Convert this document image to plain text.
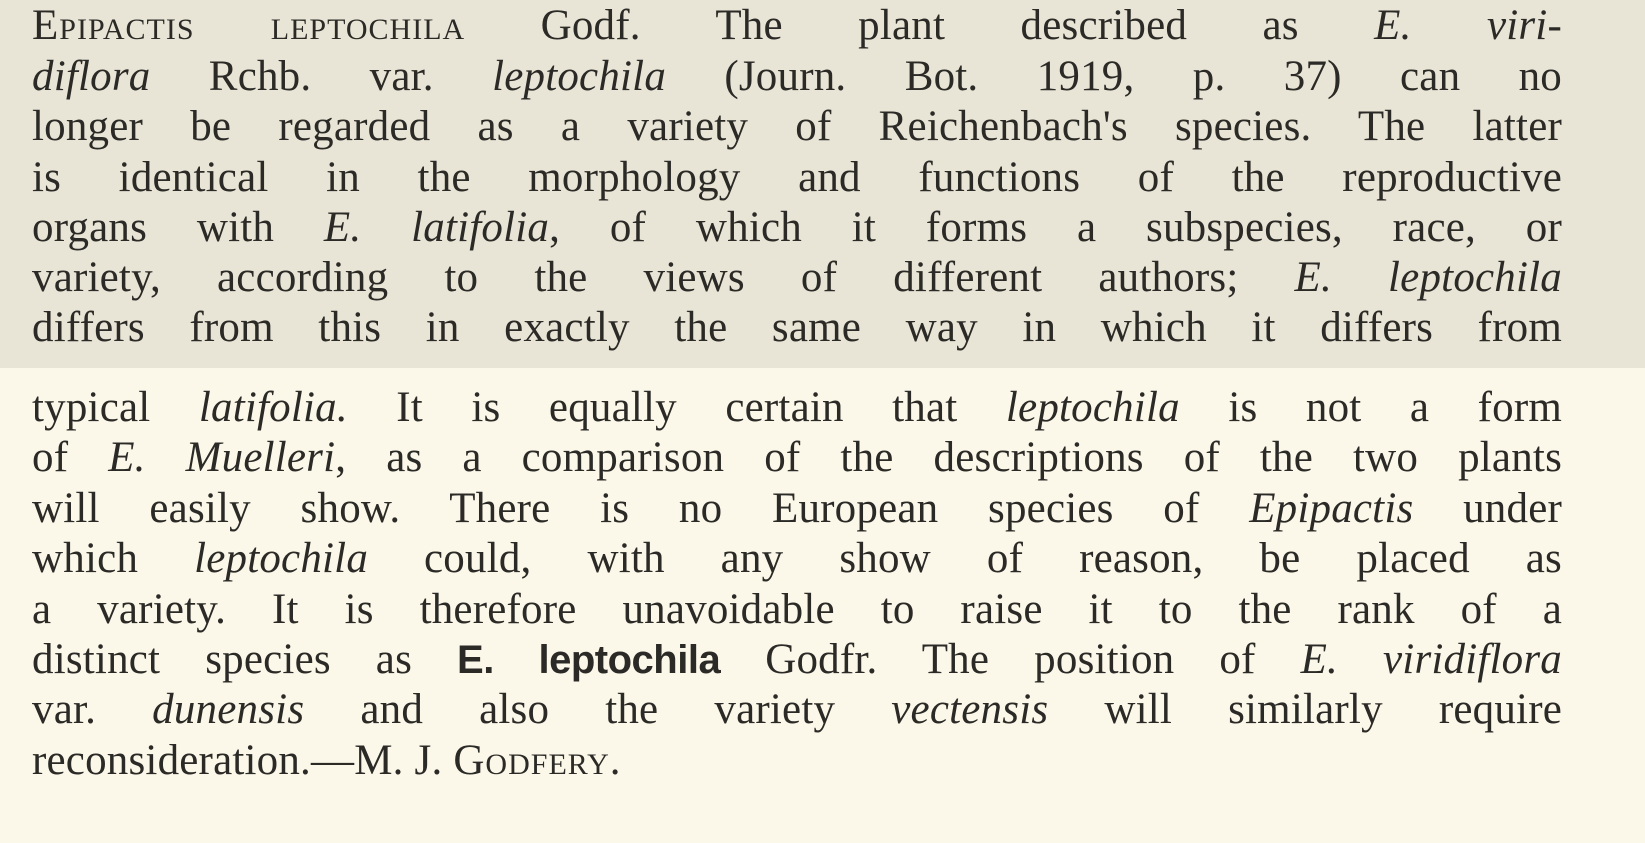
Epipactis leptochila Godf. The plant described as E. viri-
diflora Rchb. var. leptochila (Journ. Bot. 1919, p. 37) can no
longer be regarded as a variety of Reichenbach's species. The latter
is identical in the morphology and functions of the reproductive
organs with E. latifolia, of which it forms a subspecies, race, or
variety, according to the views of different authors; E. leptochila
differs from this in exactly the same way in which it differs from
typical latifolia. It is equally certain that leptochila is not a form
of E. Muelleri, as a comparison of the descriptions of the two plants
will easily show. There is no European species of Epipactis under
which leptochila could, with any show of reason, be placed as
a variety. It is therefore unavoidable to raise it to the rank of a
distinct species as E. leptochila Godfr. The position of E. viridiflora
var. dunensis and also the variety vectensis will similarly require
reconsideration.—M. J. Godfery.
